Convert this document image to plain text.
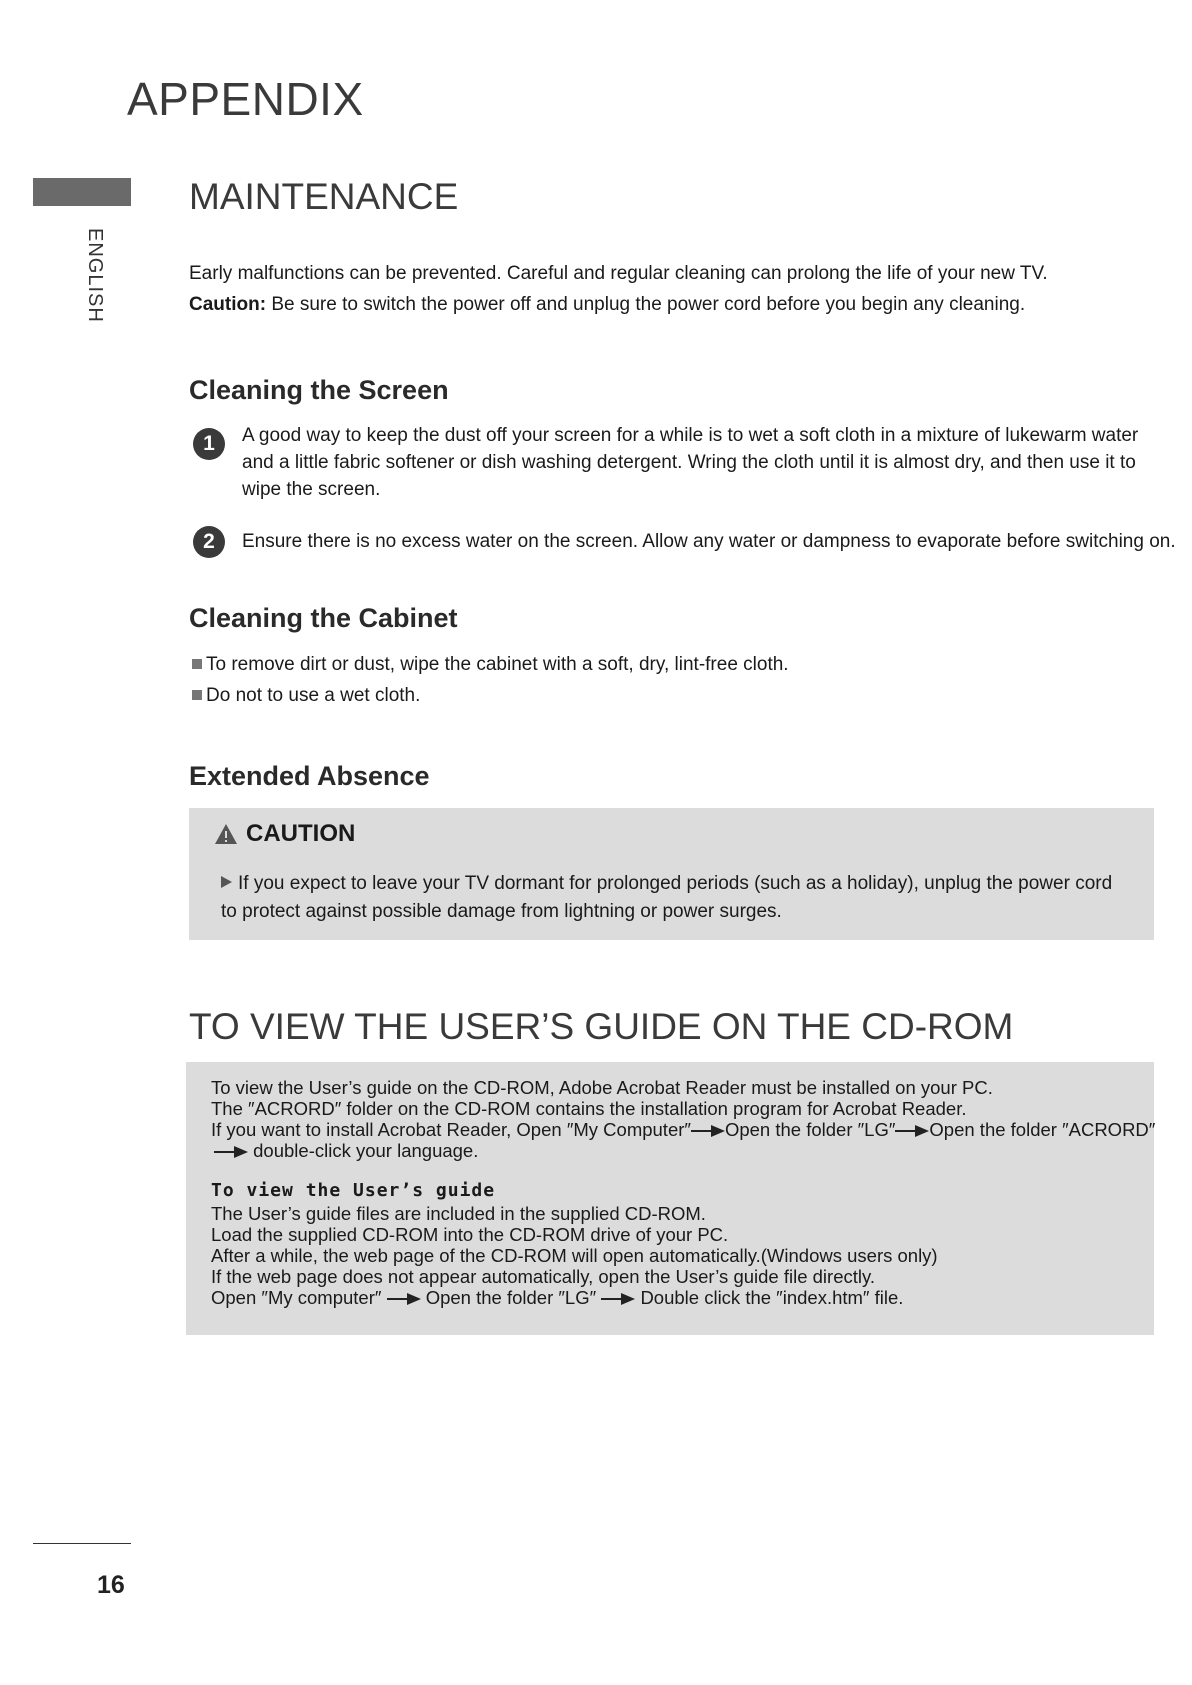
APPENDIX
ENGLISH
MAINTENANCE
Early malfunctions can be prevented. Careful and regular cleaning can prolong the life of your new TV.
Caution: Be sure to switch the power off and unplug the power cord before you begin any cleaning.
Cleaning the Screen
1	A good way to keep the dust off your screen for a while is to wet a soft cloth in a mixture of lukewarm water and a little fabric softener or dish washing detergent. Wring the cloth until it is almost dry, and then use it to wipe the screen.
2	Ensure there is no excess water on the screen. Allow any water or dampness to evaporate before switching on.
Cleaning the Cabinet
To remove dirt or dust, wipe the cabinet with a soft, dry, lint-free cloth.
Do not to use a wet cloth.
Extended Absence
CAUTION
If you expect to leave your TV dormant for prolonged periods (such as a holiday), unplug the power cord to protect against possible damage from lightning or power surges.
TO VIEW THE USER’S GUIDE ON THE CD-ROM
To view the User’s guide on the CD-ROM, Adobe Acrobat Reader must be installed on your PC.
The ″ACRORD″ folder on the CD-ROM contains the installation program for Acrobat Reader.
If you want to install Acrobat Reader, Open ″My Computer″ Open the folder ″LG″ Open the folder ″ACRORD″
double-click your language.
To view the User’s guide
The User’s guide files are included in the supplied CD-ROM.
Load the supplied CD-ROM into the CD-ROM drive of your PC.
After a while, the web page of the CD-ROM will open automatically.(Windows users only)
If the web page does not appear automatically, open the User’s guide file directly.
Open ″My computer″ Open the folder ″LG″ Double click the ″index.htm″ file.
16
